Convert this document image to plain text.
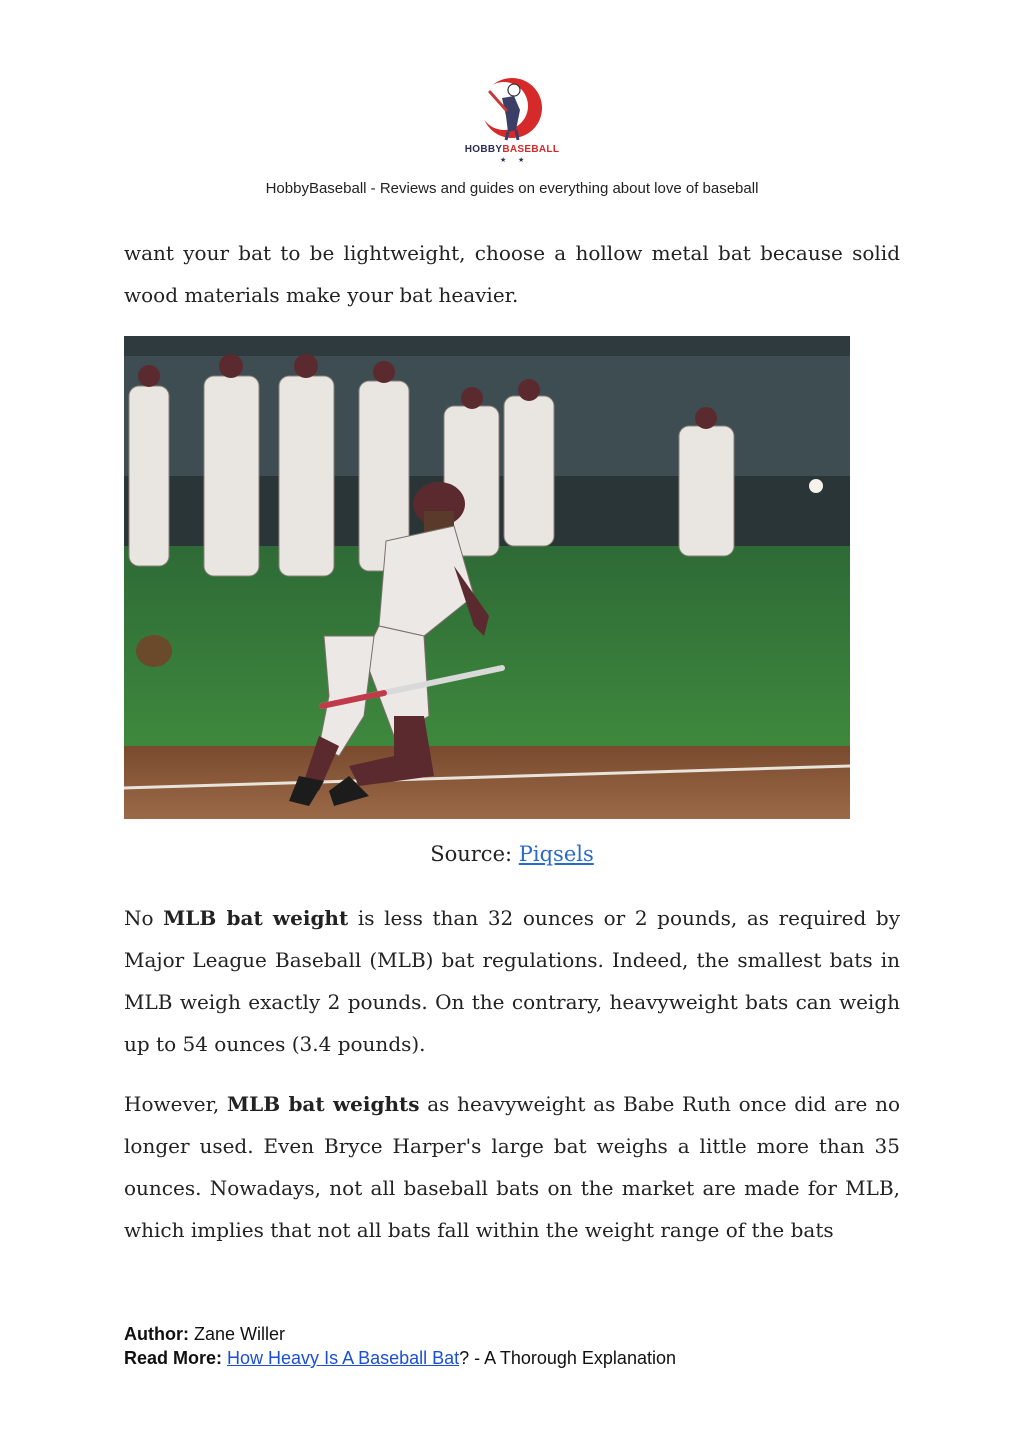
HOBBYBASEBALL
★ ★
HobbyBaseball - Reviews and guides on everything about love of baseball

want your bat to be lightweight, choose a hollow metal bat because solid wood materials make your bat heavier.

Source: Piqsels

No MLB bat weight is less than 32 ounces or 2 pounds, as required by Major League Baseball (MLB) bat regulations. Indeed, the smallest bats in MLB weigh exactly 2 pounds. On the contrary, heavyweight bats can weigh up to 54 ounces (3.4 pounds).

However, MLB bat weights as heavyweight as Babe Ruth once did are no longer used. Even Bryce Harper's large bat weighs a little more than 35 ounces. Nowadays, not all baseball bats on the market are made for MLB, which implies that not all bats fall within the weight range of the bats

Author: Zane Willer
Read More: How Heavy Is A Baseball Bat? - A Thorough Explanation
